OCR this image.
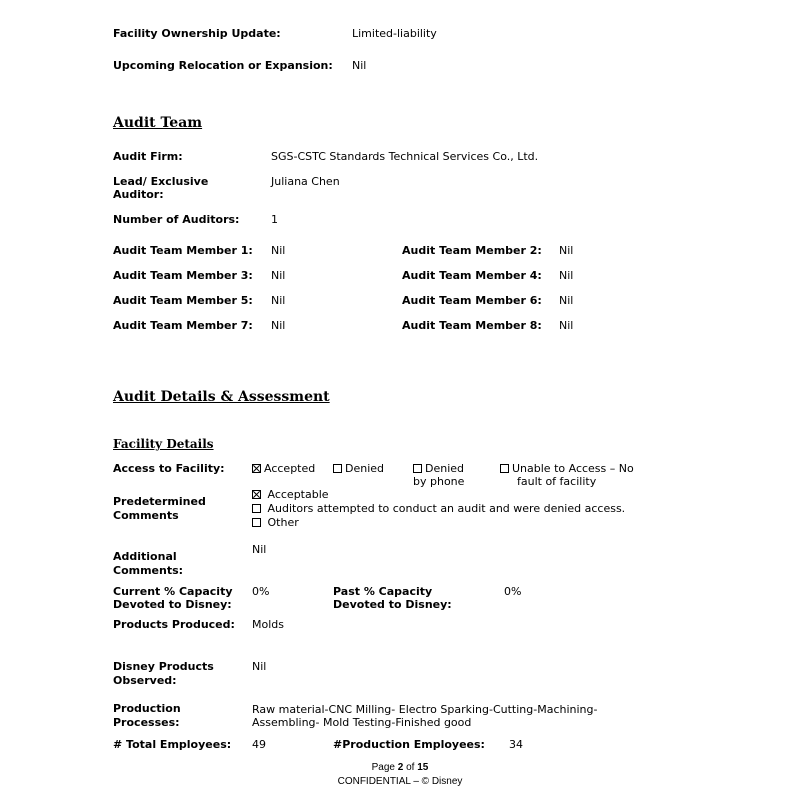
Facility Ownership Update:	Limited-liability
Upcoming Relocation or Expansion: Nil
Audit Team
Audit Firm:	SGS-CSTC Standards Technical Services Co., Ltd.
Lead/ Exclusive
Auditor:
Juliana Chen
Number of Auditors:	1
Audit Team Member 1: Nil	Audit Team Member 2: Nil
Audit Team Member 3: Nil	Audit Team Member 4: Nil
Audit Team Member 5: Nil	Audit Team Member 6: Nil
Audit Team Member 7: Nil	Audit Team Member 8: Nil
Audit Details & Assessment
Facility Details
Access to Facility:	Accepted	Denied	Denied
by phone
Unable to Access – No
fault of facility
Predetermined
Comments
Acceptable
Auditors attempted to conduct an audit and were denied access.
Other
Additional
Comments:
Nil
Current % Capacity
Devoted to Disney:
0%	Past % Capacity
Devoted to Disney:
0%
Products Produced: Molds
Disney Products
Observed:
Nil
Production
Processes:
Raw material-CNC Milling- Electro Sparking-Cutting-Machining-
Assembling- Mold Testing-Finished good
# Total Employees: 49	#Production Employees: 34
Page 2 of 15
CONFIDENTIAL – © Disney
